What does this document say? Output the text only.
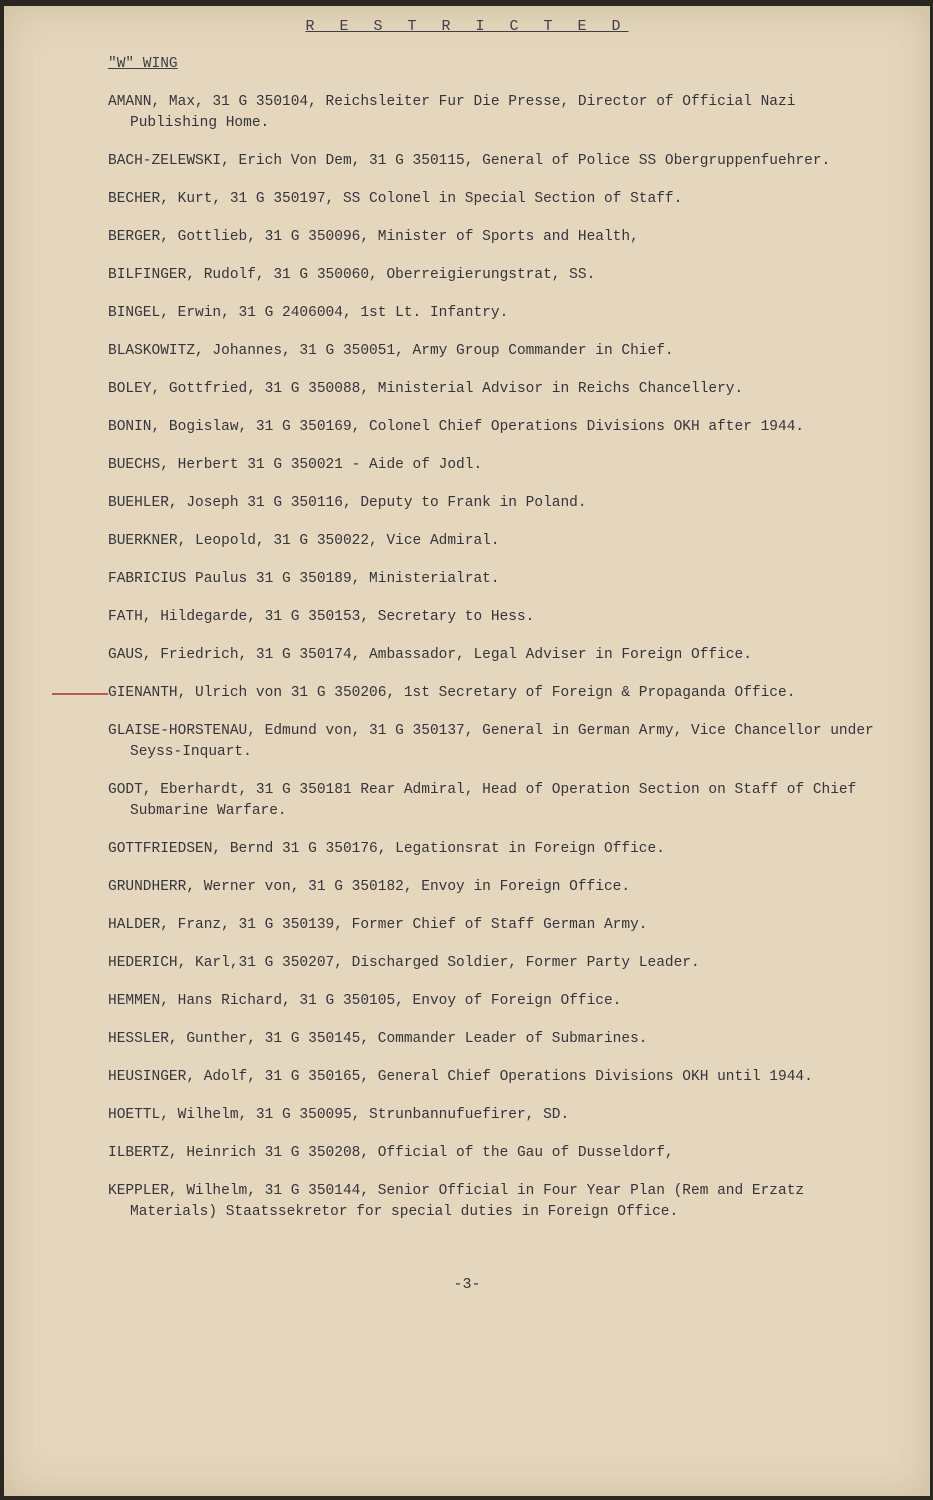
R E S T R I C T E D
"W" WING
AMANN, Max, 31 G 350104, Reichsleiter Fur Die Presse, Director of Official Nazi Publishing Home.
BACH-ZELEWSKI, Erich Von Dem, 31 G 350115, General of Police SS Obergruppenfuehrer.
BECHER, Kurt, 31 G 350197, SS Colonel in Special Section of Staff.
BERGER, Gottlieb, 31 G 350096, Minister of Sports and Health,
BILFINGER, Rudolf, 31 G 350060, Oberreigierungstrat, SS.
BINGEL, Erwin, 31 G 2406004, 1st Lt. Infantry.
BLASKOWITZ, Johannes, 31 G 350051, Army Group Commander in Chief.
BOLEY, Gottfried, 31 G 350088, Ministerial Advisor in Reichs Chancellery.
BONIN, Bogislaw, 31 G 350169, Colonel Chief Operations Divisions OKH after 1944.
BUECHS, Herbert 31 G 350021 - Aide of Jodl.
BUEHLER, Joseph 31 G 350116, Deputy to Frank in Poland.
BUERKNER, Leopold, 31 G 350022, Vice Admiral.
FABRICIUS Paulus 31 G 350189, Ministerialrat.
FATH, Hildegarde, 31 G 350153, Secretary to Hess.
GAUS, Friedrich, 31 G 350174, Ambassador, Legal Adviser in Foreign Office.
GIENANTH, Ulrich von 31 G 350206, 1st Secretary of Foreign & Propaganda Office.
GLAISE-HORSTENAU, Edmund von, 31 G 350137, General in German Army, Vice Chancellor under Seyss-Inquart.
GODT, Eberhardt, 31 G 350181 Rear Admiral, Head of Operation Section on Staff of Chief Submarine Warfare.
GOTTFRIEDSEN, Bernd 31 G 350176, Legationsrat in Foreign Office.
GRUNDHERR, Werner von, 31 G 350182, Envoy in Foreign Office.
HALDER, Franz, 31 G 350139, Former Chief of Staff German Army.
HEDERICH, Karl,31 G 350207, Discharged Soldier, Former Party Leader.
HEMMEN, Hans Richard, 31 G 350105, Envoy of Foreign Office.
HESSLER, Gunther, 31 G 350145, Commander Leader of Submarines.
HEUSINGER, Adolf, 31 G 350165, General Chief Operations Divisions OKH until 1944.
HOETTL, Wilhelm, 31 G 350095, Strunbannufuefirer, SD.
ILBERTZ, Heinrich 31 G 350208, Official of the Gau of Dusseldorf,
KEPPLER, Wilhelm, 31 G 350144, Senior Official in Four Year Plan (Rem and Erzatz Materials) Staatssekretor for special duties in Foreign Office.
-3-
